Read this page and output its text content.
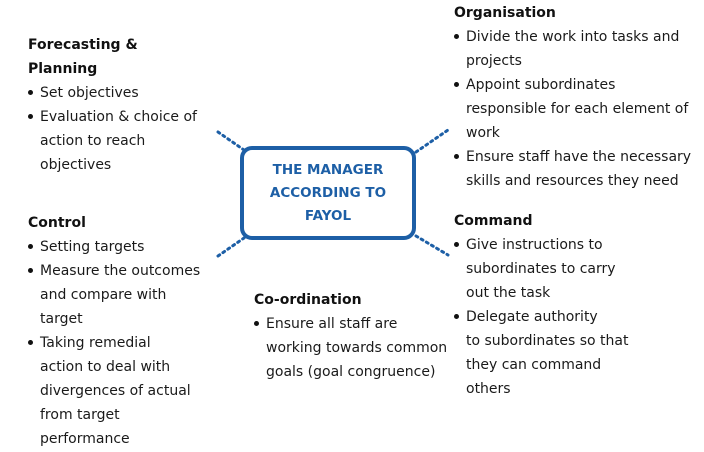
THE MANAGER
ACCORDING TO
FAYOL
Forecasting &
Planning
Set objectives
Evaluation & choice of
action to reach
objectives
Organisation
Divide the work into tasks and
projects
Appoint subordinates
responsible for each element of
work
Ensure staff have the necessary
skills and resources they need
Control
Setting targets
Measure the outcomes
and compare with
target
Taking remedial
action to deal with
divergences of actual
from target
performance
Command
Give instructions to
subordinates to carry
out the task
Delegate authority
to subordinates so that
they can command
others
Co-ordination
Ensure all staff are
working towards common
goals (goal congruence)
